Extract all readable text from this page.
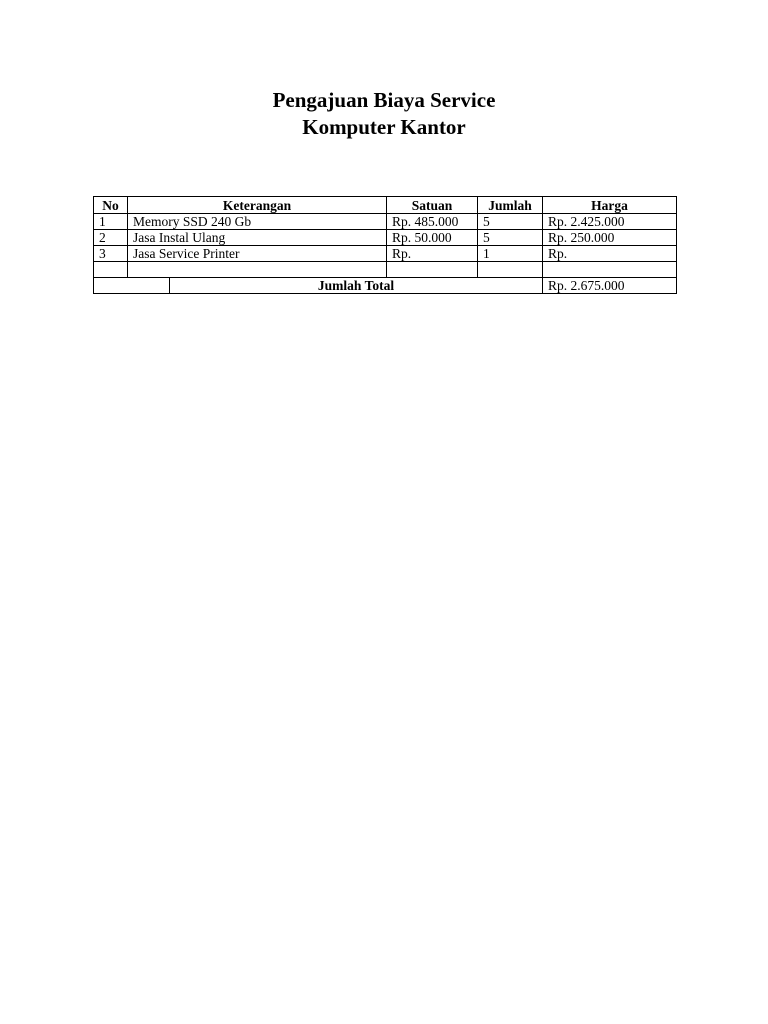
Pengajuan Biaya Service
Komputer Kantor
No	Keterangan		Satuan	Jumlah	Harga
1	Memory SSD 240 Gb		Rp. 485.000	5	Rp. 2.425.000
2	Jasa Instal Ulang		Rp. 50.000	5	Rp. 250.000
3	Jasa Service Printer		Rp.	1	Rp.

		Jumlah Total			Rp. 2.675.000
